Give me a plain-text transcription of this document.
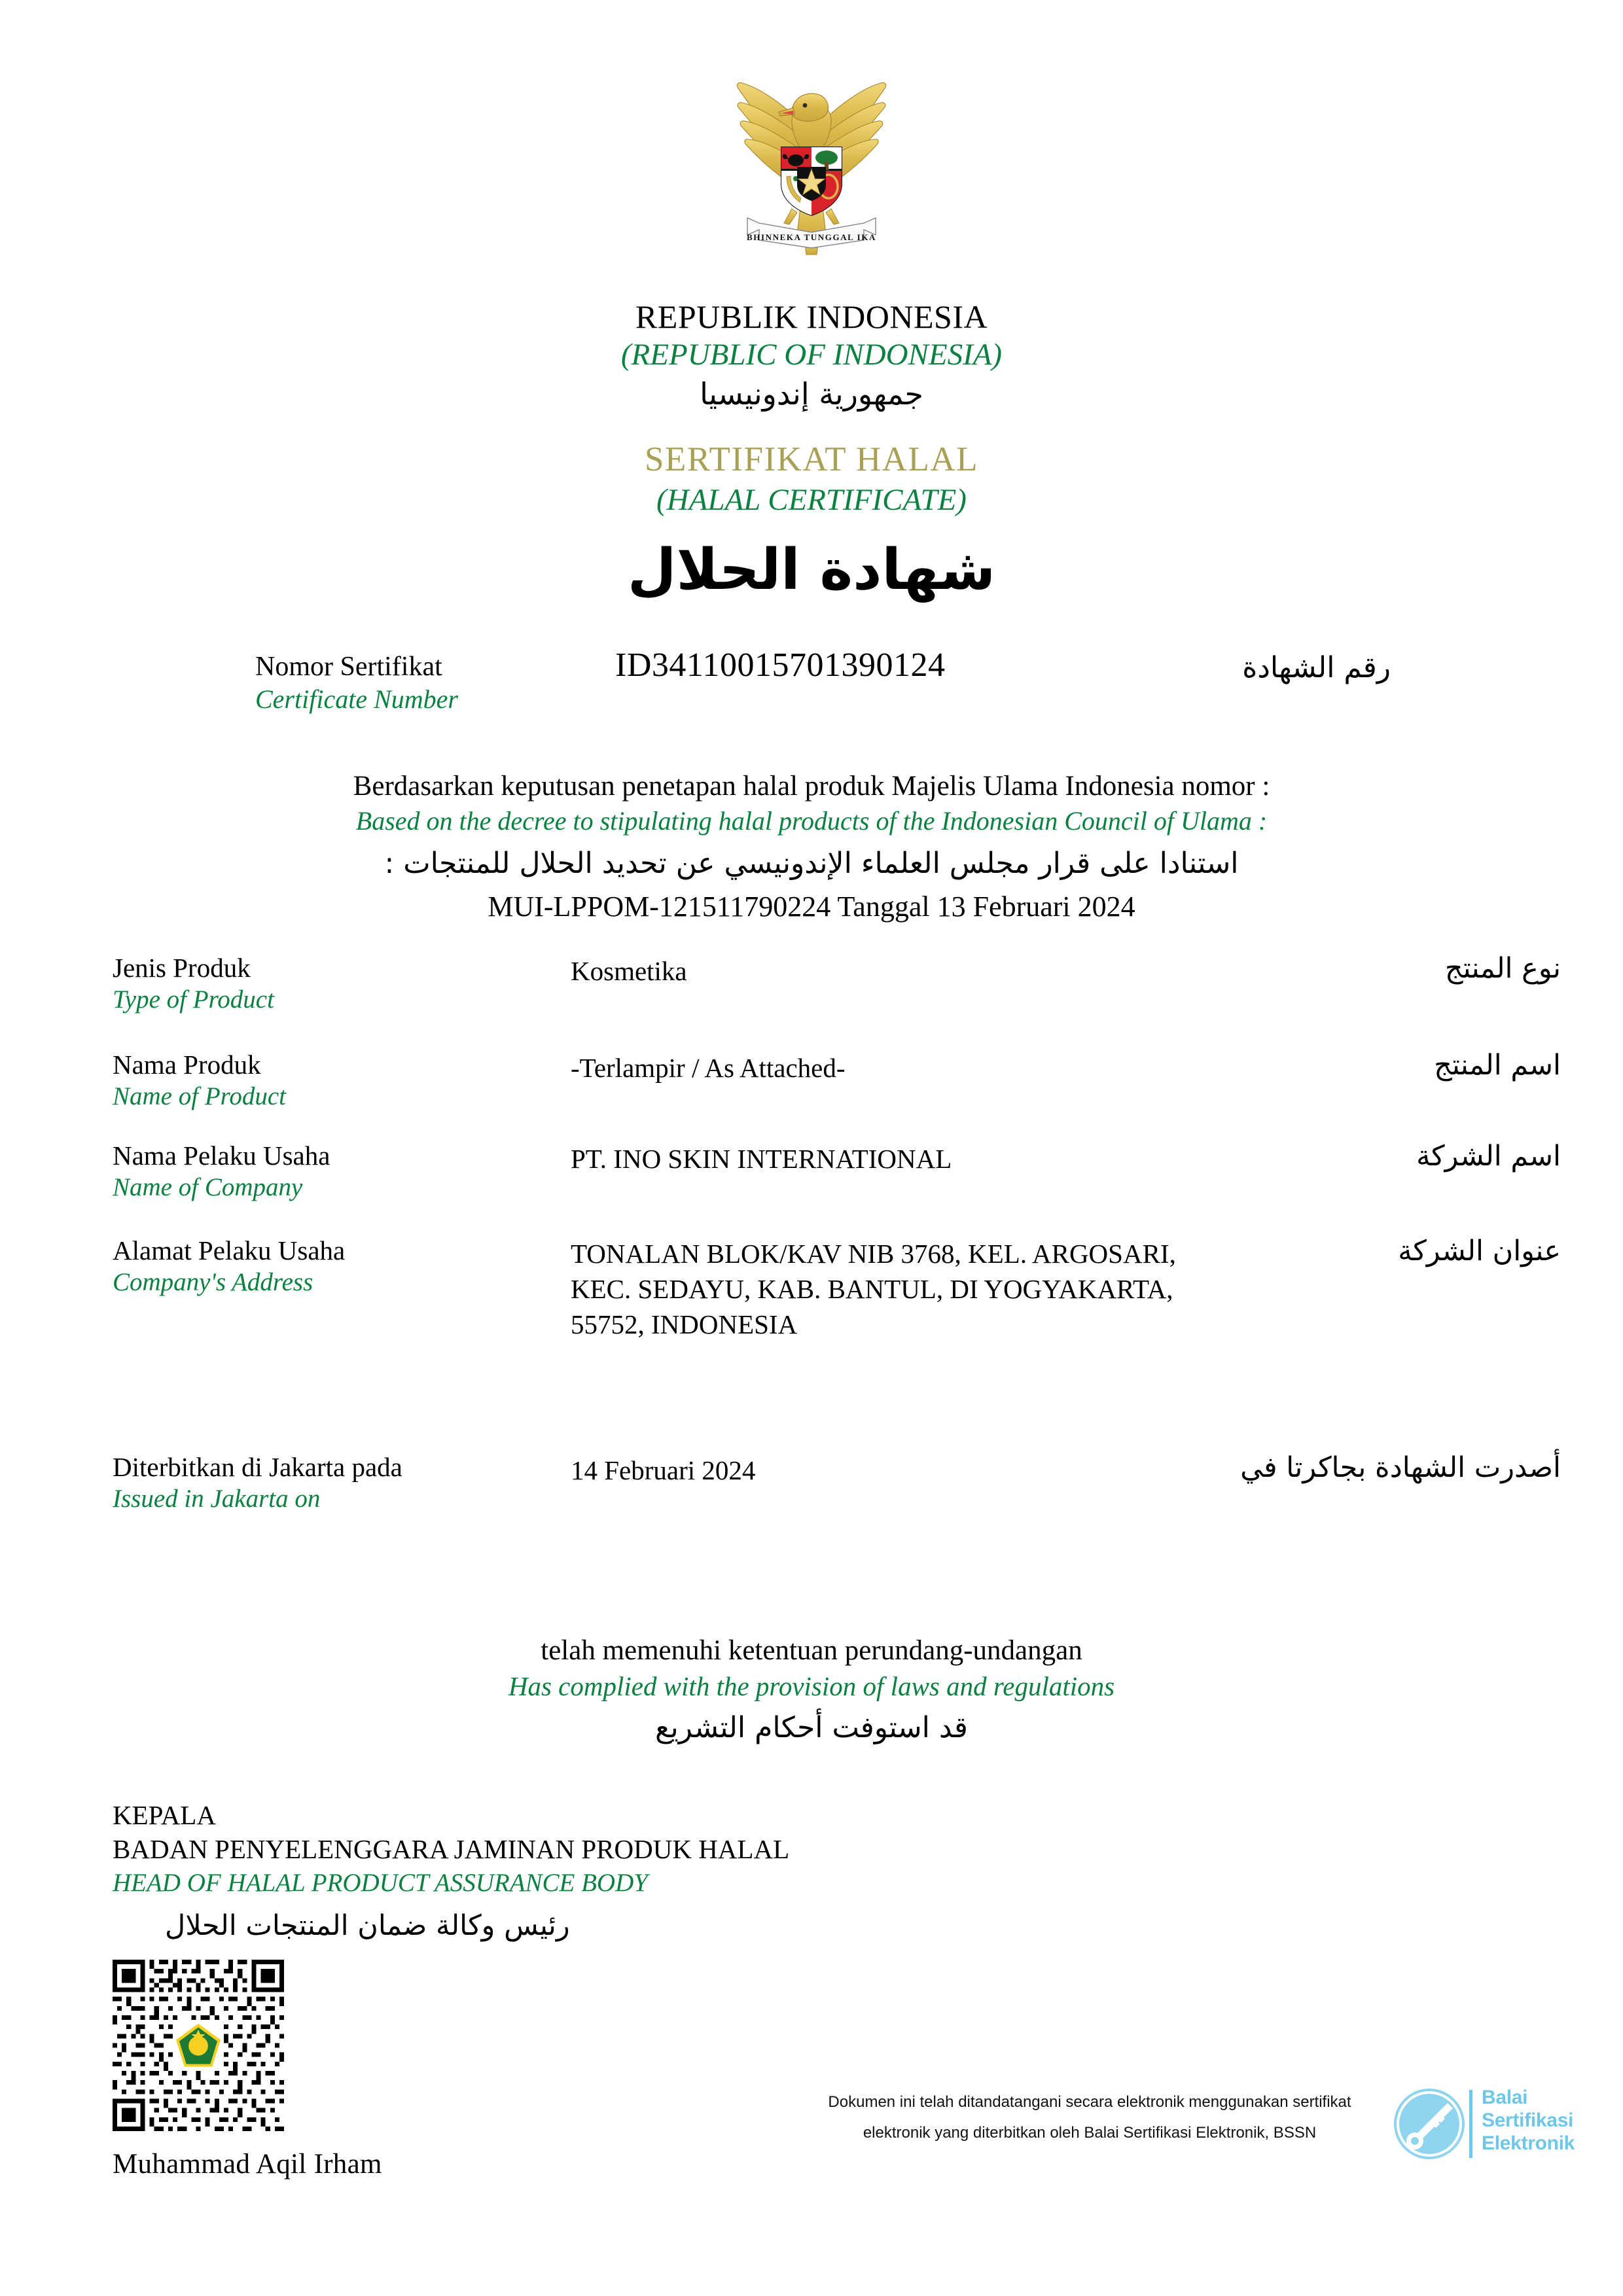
BHINNEKA TUNGGAL IKA
REPUBLIK INDONESIA
(REPUBLIC OF INDONESIA)
جمهورية إندونيسيا
SERTIFIKAT HALAL
(HALAL CERTIFICATE)
شهادة الحلال
Nomor Sertifikat
Certificate Number
ID34110015701390124	رقم الشهادة
Berdasarkan keputusan penetapan halal produk Majelis Ulama Indonesia nomor :
Based on the decree to stipulating halal products of the Indonesian Council of Ulama :
استنادا على قرار مجلس العلماء الإندونيسي عن تحديد الحلال للمنتجات :
MUI-LPPOM-121511790224 Tanggal 13 Februari 2024
Jenis Produk
Type of Product
Kosmetika	نوع المنتج
Nama Produk
Name of Product
-Terlampir / As Attached-	اسم المنتج
Nama Pelaku Usaha
Name of Company
PT. INO SKIN INTERNATIONAL	اسم الشركة
Alamat Pelaku Usaha
Company's Address
TONALAN BLOK/KAV NIB 3768, KEL. ARGOSARI, KEC. SEDAYU, KAB. BANTUL, DI YOGYAKARTA, 55752, INDONESIA
عنوان الشركة
Diterbitkan di Jakarta pada
Issued in Jakarta on
14 Februari 2024	أصدرت الشهادة بجاكرتا في
telah memenuhi ketentuan perundang-undangan
Has complied with the provision of laws and regulations
قد استوفت أحكام التشريع
KEPALA
BADAN PENYELENGGARA JAMINAN PRODUK HALAL
HEAD OF HALAL PRODUCT ASSURANCE BODY
رئيس وكالة ضمان المنتجات الحلال
Muhammad Aqil Irham
Dokumen ini telah ditandatangani secara elektronik menggunakan sertifikat
elektronik yang diterbitkan oleh Balai Sertifikasi Elektronik, BSSN
Balai
Sertifikasi
Elektronik
